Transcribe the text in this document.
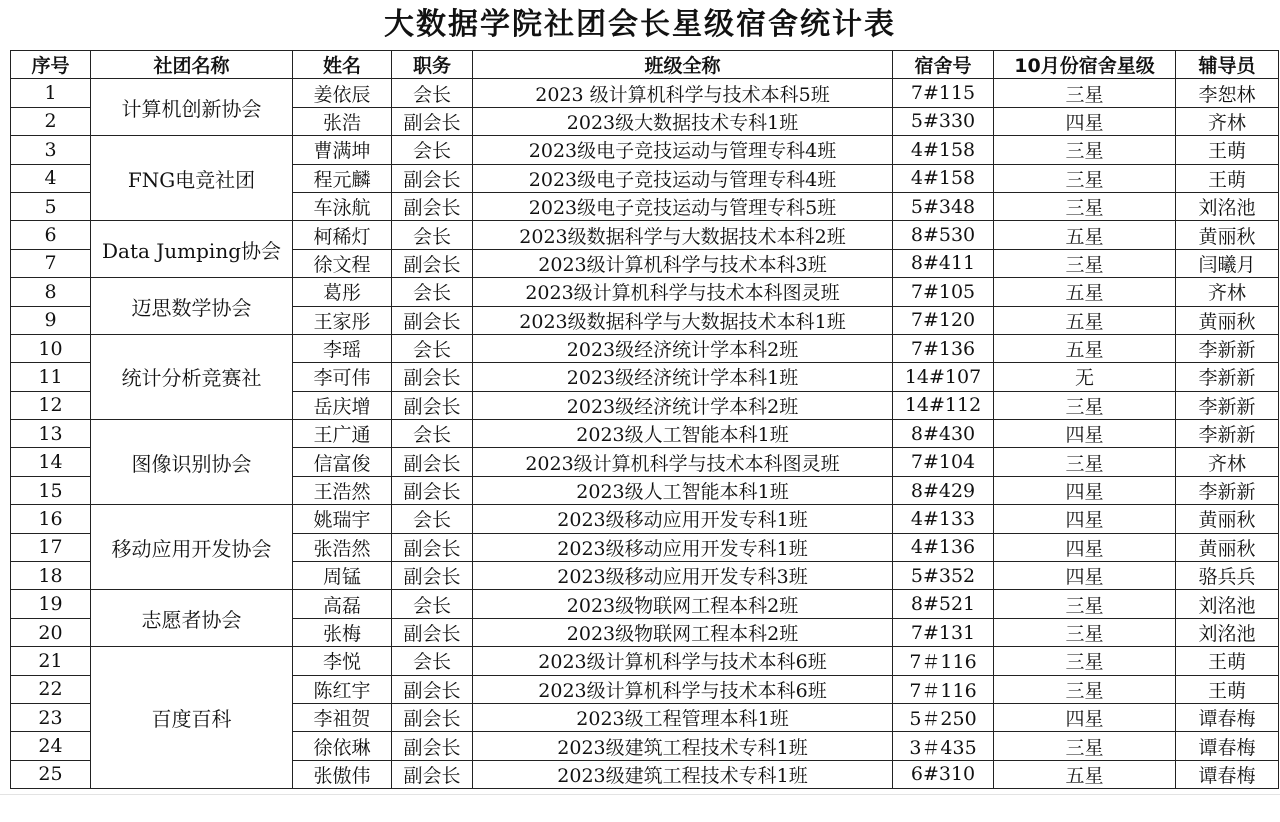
大数据学院社团会长星级宿舍统计表
序号	社团名称	姓名	职务	班级全称	宿舍号	10月份宿舍星级	辅导员
1	计算机创新协会	姜依辰	会长	2023 级计算机科学与技术本科5班	7#115	三星	李恕林
2		张浩	副会长	2023级大数据技术专科1班	5#330	四星	齐林
3	FNG电竞社团	曹满坤	会长	2023级电子竞技运动与管理专科4班	4#158	三星	王萌
4		程元麟	副会长	2023级电子竞技运动与管理专科4班	4#158	三星	王萌
5		车泳航	副会长	2023级电子竞技运动与管理专科5班	5#348	三星	刘洺池
6	Data Jumping协会	柯稀灯	会长	2023级数据科学与大数据技术本科2班	8#530	五星	黄丽秋
7		徐文程	副会长	2023级计算机科学与技术本科3班	8#411	三星	闫曦月
8	迈思数学协会	葛彤	会长	2023级计算机科学与技术本科图灵班	7#105	五星	齐林
9		王家彤	副会长	2023级数据科学与大数据技术本科1班	7#120	五星	黄丽秋
10	统计分析竞赛社	李瑶	会长	2023级经济统计学本科2班	7#136	五星	李新新
11		李可伟	副会长	2023级经济统计学本科1班	14#107	无	李新新
12		岳庆增	副会长	2023级经济统计学本科2班	14#112	三星	李新新
13	图像识别协会	王广通	会长	2023级人工智能本科1班	8#430	四星	李新新
14		信富俊	副会长	2023级计算机科学与技术本科图灵班	7#104	三星	齐林
15		王浩然	副会长	2023级人工智能本科1班	8#429	四星	李新新
16	移动应用开发协会	姚瑞宇	会长	2023级移动应用开发专科1班	4#133	四星	黄丽秋
17		张浩然	副会长	2023级移动应用开发专科1班	4#136	四星	黄丽秋
18		周锰	副会长	2023级移动应用开发专科3班	5#352	四星	骆兵兵
19	志愿者协会	高磊	会长	2023级物联网工程本科2班	8#521	三星	刘洺池
20		张梅	副会长	2023级物联网工程本科2班	7#131	三星	刘洺池
21	百度百科	李悦	会长	2023级计算机科学与技术本科6班	7＃116	三星	王萌
22		陈红宇	副会长	2023级计算机科学与技术本科6班	7＃116	三星	王萌
23		李祖贺	副会长	2023级工程管理本科1班	5＃250	四星	谭春梅
24		徐依琳	副会长	2023级建筑工程技术专科1班	3＃435	三星	谭春梅
25		张傲伟	副会长	2023级建筑工程技术专科1班	6#310	五星	谭春梅
